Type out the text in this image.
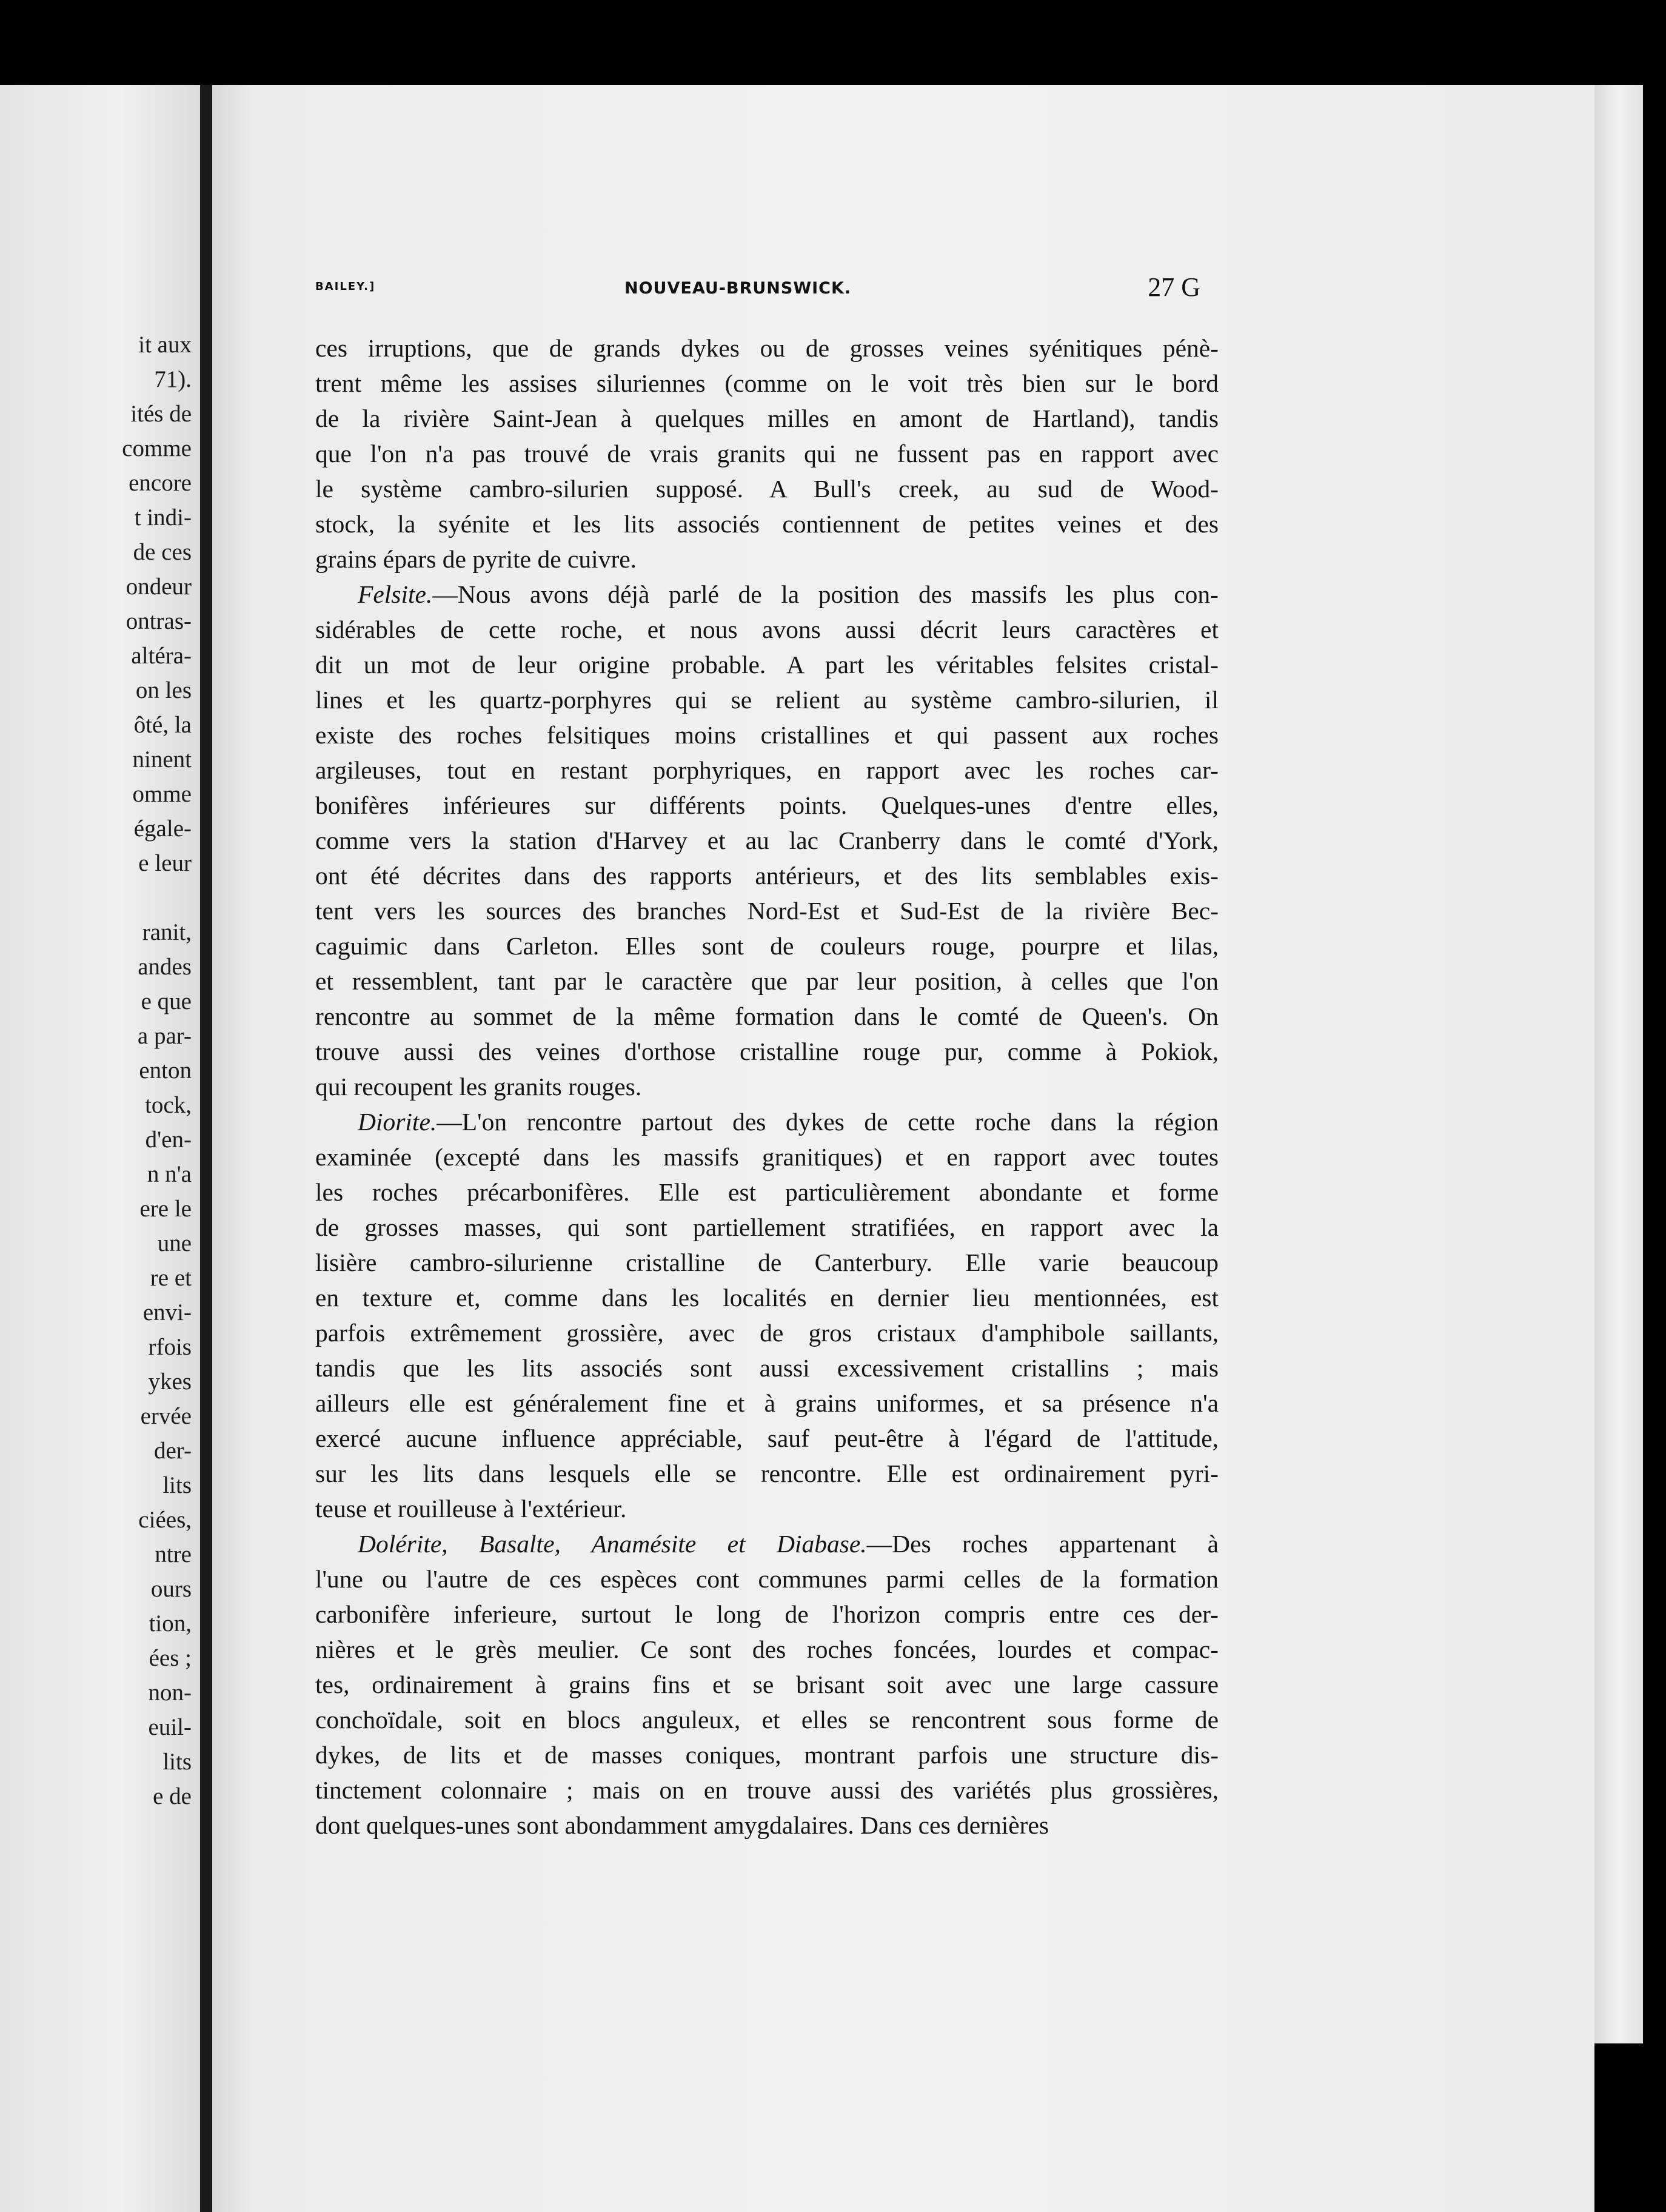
it aux
71).
ités de
comme
encore
t indi-
de ces
ondeur
ontras-
altéra-
on les
ôté, la
ninent
omme
égale-
e leur
ranit,
andes
e que
a par-
enton
tock,
d'en-
n n'a
ere le
une
re et
envi-
rfois
ykes
ervée
der-
lits
ciées,
ntre
ours
tion,
ées ;
non-
euil-
lits
e de
BAILEY.]	NOUVEAU-BRUNSWICK.	27 G
ces irruptions, que de grands dykes ou de grosses veines syénitiques pénè-
trent même les assises siluriennes (comme on le voit très bien sur le bord
de la rivière Saint-Jean à quelques milles en amont de Hartland), tandis
que l'on n'a pas trouvé de vrais granits qui ne fussent pas en rapport avec
le système cambro-silurien supposé. A Bull's creek, au sud de Wood-
stock, la syénite et les lits associés contiennent de petites veines et des
grains épars de pyrite de cuivre.
Felsite.—Nous avons déjà parlé de la position des massifs les plus con-
sidérables de cette roche, et nous avons aussi décrit leurs caractères et
dit un mot de leur origine probable. A part les véritables felsites cristal-
lines et les quartz-porphyres qui se relient au système cambro-silurien, il
existe des roches felsitiques moins cristallines et qui passent aux roches
argileuses, tout en restant porphyriques, en rapport avec les roches car-
bonifères inférieures sur différents points. Quelques-unes d'entre elles,
comme vers la station d'Harvey et au lac Cranberry dans le comté d'York,
ont été décrites dans des rapports antérieurs, et des lits semblables exis-
tent vers les sources des branches Nord-Est et Sud-Est de la rivière Bec-
caguimic dans Carleton. Elles sont de couleurs rouge, pourpre et lilas,
et ressemblent, tant par le caractère que par leur position, à celles que l'on
rencontre au sommet de la même formation dans le comté de Queen's. On
trouve aussi des veines d'orthose cristalline rouge pur, comme à Pokiok,
qui recoupent les granits rouges.
Diorite.—L'on rencontre partout des dykes de cette roche dans la région
examinée (excepté dans les massifs granitiques) et en rapport avec toutes
les roches précarbonifères. Elle est particulièrement abondante et forme
de grosses masses, qui sont partiellement stratifiées, en rapport avec la
lisière cambro-silurienne cristalline de Canterbury. Elle varie beaucoup
en texture et, comme dans les localités en dernier lieu mentionnées, est
parfois extrêmement grossière, avec de gros cristaux d'amphibole saillants,
tandis que les lits associés sont aussi excessivement cristallins ; mais
ailleurs elle est généralement fine et à grains uniformes, et sa présence n'a
exercé aucune influence appréciable, sauf peut-être à l'égard de l'attitude,
sur les lits dans lesquels elle se rencontre. Elle est ordinairement pyri-
teuse et rouilleuse à l'extérieur.
Dolérite, Basalte, Anamésite et Diabase.—Des roches appartenant à
l'une ou l'autre de ces espèces cont communes parmi celles de la formation
carbonifère inferieure, surtout le long de l'horizon compris entre ces der-
nières et le grès meulier. Ce sont des roches foncées, lourdes et compac-
tes, ordinairement à grains fins et se brisant soit avec une large cassure
conchoïdale, soit en blocs anguleux, et elles se rencontrent sous forme de
dykes, de lits et de masses coniques, montrant parfois une structure dis-
tinctement colonnaire ; mais on en trouve aussi des variétés plus grossières,
dont quelques-unes sont abondamment amygdalaires. Dans ces dernières
